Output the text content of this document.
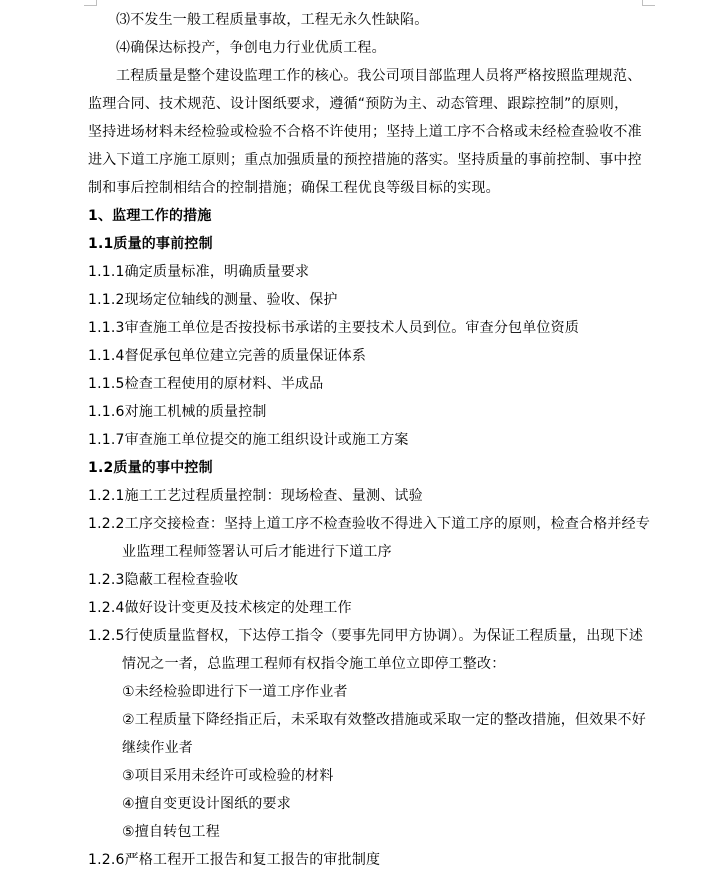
⑶不发生一般工程质量事故，工程无永久性缺陷。
⑷确保达标投产，争创电力行业优质工程。
工程质量是整个建设监理工作的核心。我公司项目部监理人员将严格按照监理规范、
监理合同、技术规范、设计图纸要求，遵循“预防为主、动态管理、跟踪控制”的原则，
坚持进场材料未经检验或检验不合格不许使用；坚持上道工序不合格或未经检查验收不准
进入下道工序施工原则；重点加强质量的预控措施的落实。坚持质量的事前控制、事中控
制和事后控制相结合的控制措施；确保工程优良等级目标的实现。
1、监理工作的措施
1.1质量的事前控制
1.1.1确定质量标准，明确质量要求
1.1.2现场定位轴线的测量、验收、保护
1.1.3审查施工单位是否按投标书承诺的主要技术人员到位。审查分包单位资质
1.1.4督促承包单位建立完善的质量保证体系
1.1.5检查工程使用的原材料、半成品
1.1.6对施工机械的质量控制
1.1.7审查施工单位提交的施工组织设计或施工方案
1.2质量的事中控制
1.2.1施工工艺过程质量控制：现场检查、量测、试验
1.2.2工序交接检查：坚持上道工序不检查验收不得进入下道工序的原则，检查合格并经专
业监理工程师签署认可后才能进行下道工序
1.2.3隐蔽工程检查验收
1.2.4做好设计变更及技术核定的处理工作
1.2.5行使质量监督权，下达停工指令（要事先同甲方协调）。为保证工程质量，出现下述
情况之一者，总监理工程师有权指令施工单位立即停工整改：
①未经检验即进行下一道工序作业者
②工程质量下降经指正后，未采取有效整改措施或采取一定的整改措施，但效果不好
继续作业者
③项目采用未经许可或检验的材料
④擅自变更设计图纸的要求
⑤擅自转包工程
1.2.6严格工程开工报告和复工报告的审批制度
